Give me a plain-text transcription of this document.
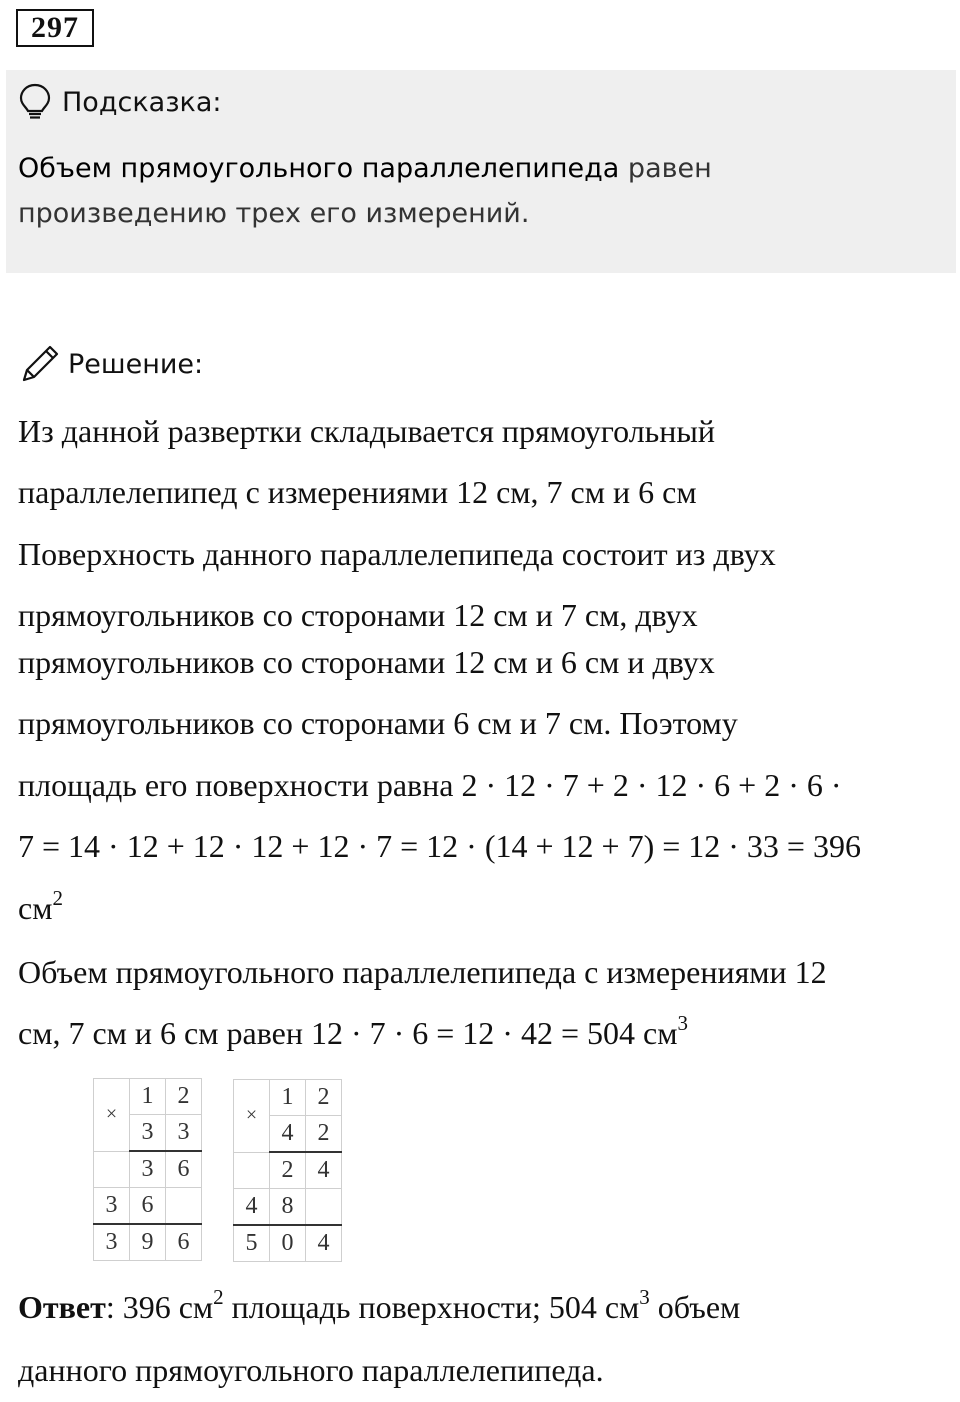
297
Подсказка:
Объем прямоугольного параллелепипеда равен
произведению трех его измерений.
Решение:
Из данной развертки складывается прямоугольный
параллелепипед с измерениями 12 см, 7 см и 6 см
Поверхность данного параллелепипеда состоит из двух
прямоугольников со сторонами 12 см и 7 см, двух
прямоугольников со сторонами 12 см и 6 см и двух
прямоугольников со сторонами 6 см и 7 см. Поэтому
площадь его поверхности равна 2 · 12 · 7 + 2 · 12 · 6 + 2 · 6 ·
7 = 14 · 12 + 12 · 12 + 12 · 7 = 12 · (14 + 12 + 7) = 12 · 33 = 396
$см^2$
Объем прямоугольного параллелепипеда с измерениями 12
см, 7 см и 6 см равен 12 · 7 · 6 = 12 · 42 = 504 $см^3$
×	1	2
	3	3
	3	6
3	6	
3	9	6
×	1	2
	4	2
	2	4
4	8	
5	0	4
Ответ: 396 $см^2$ площадь поверхности; 504 $см^3$ объем
данного прямоугольного параллелепипеда.
